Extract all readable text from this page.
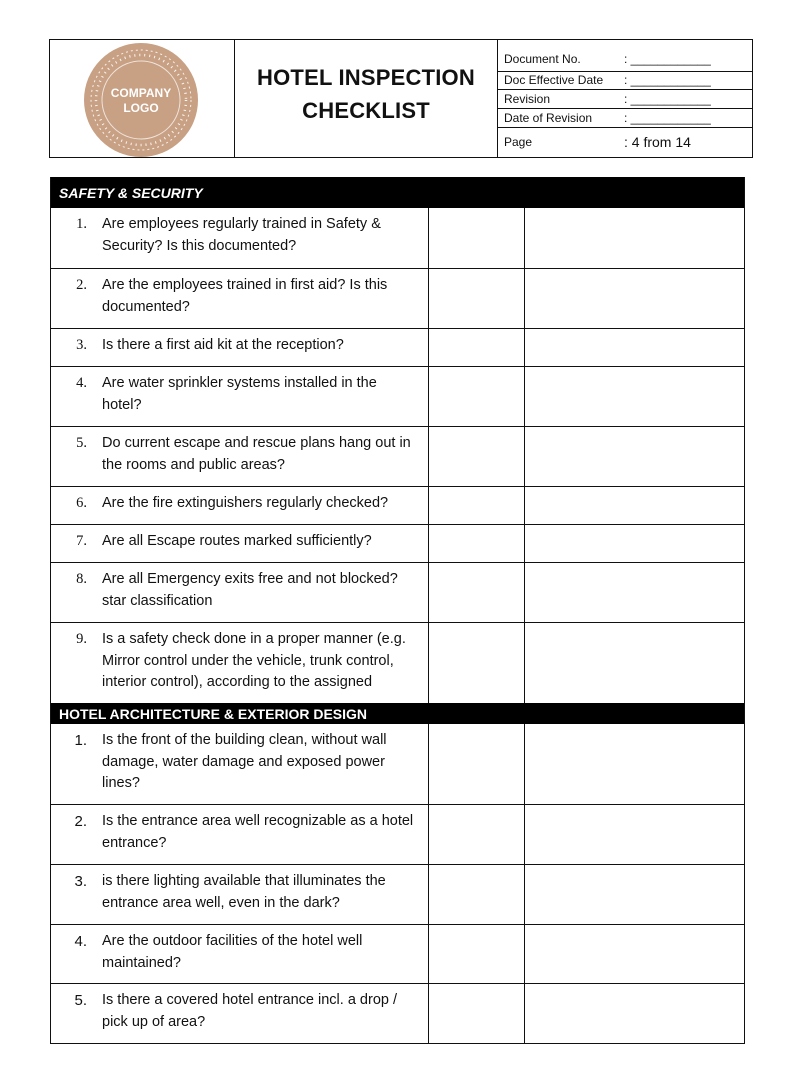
COMPANY
LOGO
HOTEL INSPECTION
CHECKLIST
Document No.	: ____________
Doc Effective Date	: ____________
Revision	: ____________
Date of Revision	: ____________
Page	: 4 from 14
SAFETY & SECURITY
1.	Are employees regularly trained in Safety & Security? Is this documented?
2.	Are the employees trained in first aid? Is this documented?
3.	Is there a first aid kit at the reception?
4.	Are water sprinkler systems installed in the hotel?
5.	Do current escape and rescue plans hang out in the rooms and public areas?
6.	Are the fire extinguishers regularly checked?
7.	Are all Escape routes marked sufficiently?
8.	Are all Emergency exits free and not blocked? star classification
9.	Is a safety check done in a proper manner (e.g. Mirror control under the vehicle, trunk control, interior control), according to the assigned
HOTEL ARCHITECTURE & EXTERIOR DESIGN
1.	Is the front of the building clean, without wall damage, water damage and exposed power lines?
2.	Is the entrance area well recognizable as a hotel entrance?
3.	is there lighting available that illuminates the entrance area well, even in the dark?
4.	Are the outdoor facilities of the hotel well maintained?
5.	Is there a covered hotel entrance incl. a drop / pick up of area?
